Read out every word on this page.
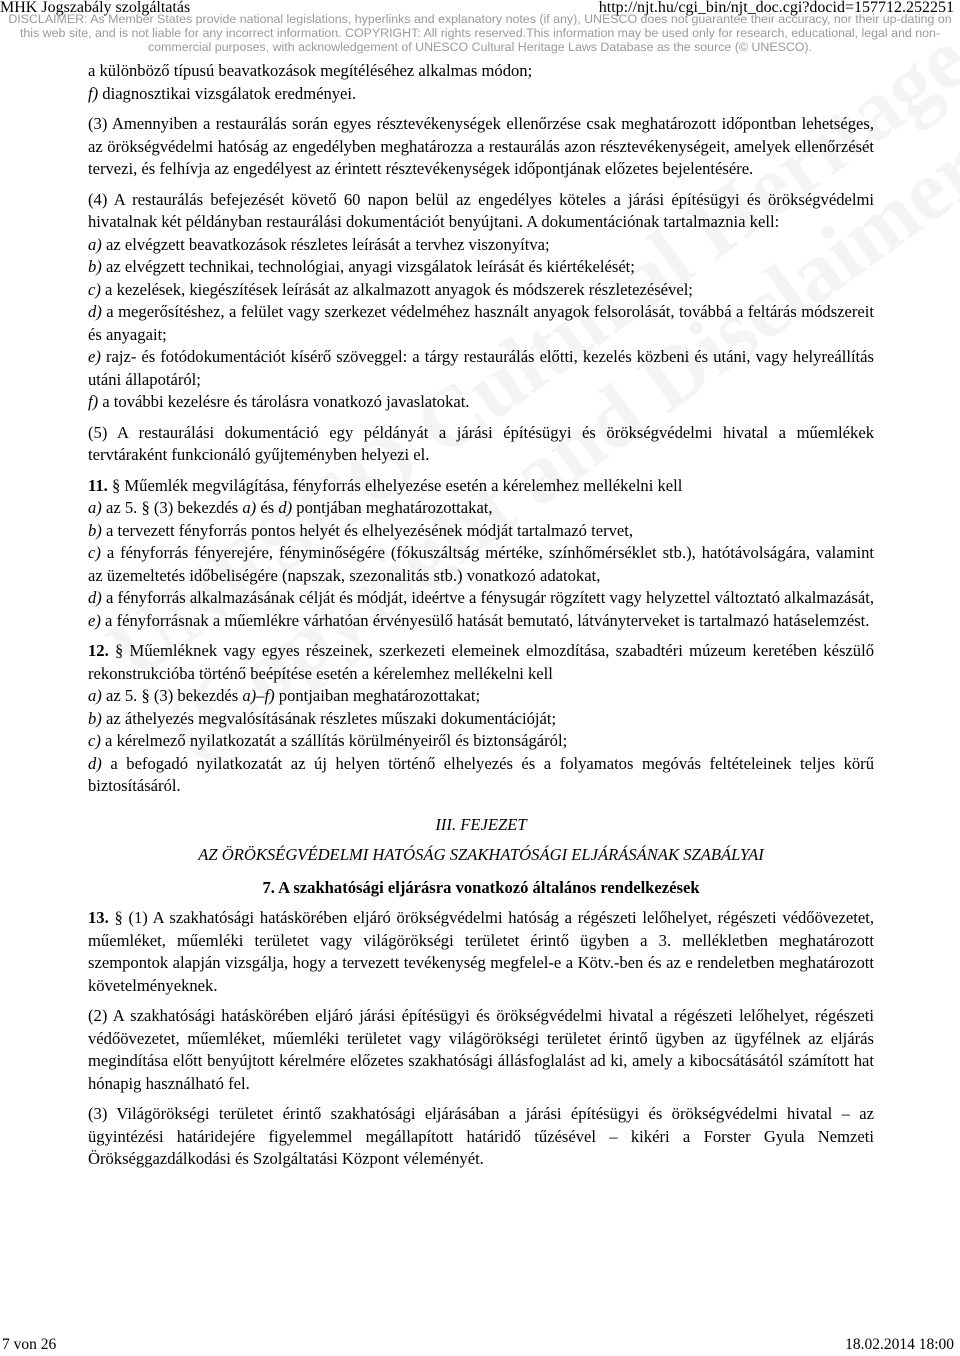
MHK Jogszabály szolgáltatás	http://njt.hu/cgi_bin/njt_doc.cgi?docid=157712.252251
DISCLAIMER: As Member States provide national legislations, hyperlinks and explanatory notes (if any), UNESCO does not guarantee their accuracy, nor their up-dating on this web site, and is not liable for any incorrect information. COPYRIGHT: All rights reserved.This information may be used only for research, educational, legal and non-commercial purposes, with acknowledgement of UNESCO Cultural Heritage Laws Database as the source (© UNESCO).

a különböző típusú beavatkozások megítéléséhez alkalmas módon;

f) diagnosztikai vizsgálatok eredményei.

(3) Amennyiben a restaurálás során egyes résztevékenységek ellenőrzése csak meghatározott időpontban lehetséges, az örökségvédelmi hatóság az engedélyben meghatározza a restaurálás azon résztevékenységeit, amelyek ellenőrzését tervezi, és felhívja az engedélyest az érintett résztevékenységek időpontjának előzetes bejelentésére.

(4) A restaurálás befejezését követő 60 napon belül az engedélyes köteles a járási építésügyi és örökségvédelmi hivatalnak két példányban restaurálási dokumentációt benyújtani. A dokumentációnak tartalmaznia kell:

a) az elvégzett beavatkozások részletes leírását a tervhez viszonyítva;

b) az elvégzett technikai, technológiai, anyagi vizsgálatok leírását és kiértékelését;

c) a kezelések, kiegészítések leírását az alkalmazott anyagok és módszerek részletezésével;

d) a megerősítéshez, a felület vagy szerkezet védelméhez használt anyagok felsorolását, továbbá a feltárás módszereit és anyagait;

e) rajz- és fotódokumentációt kísérő szöveggel: a tárgy restaurálás előtti, kezelés közbeni és utáni, vagy helyreállítás utáni állapotáról;

f) a további kezelésre és tárolásra vonatkozó javaslatokat.

(5) A restaurálási dokumentáció egy példányát a járási építésügyi és örökségvédelmi hivatal a műemlékek tervtáraként funkcionáló gyűjteményben helyezi el.

11. § Műemlék megvilágítása, fényforrás elhelyezése esetén a kérelemhez mellékelni kell

a) az 5. § (3) bekezdés a) és d) pontjában meghatározottakat,

b) a tervezett fényforrás pontos helyét és elhelyezésének módját tartalmazó tervet,

c) a fényforrás fényerejére, fényminőségére (fókuszáltság mértéke, színhőmérséklet stb.), hatótávolságára, valamint az üzemeltetés időbeliségére (napszak, szezonalitás stb.) vonatkozó adatokat,

d) a fényforrás alkalmazásának célját és módját, ideértve a fénysugár rögzített vagy helyzettel változtató alkalmazását,

e) a fényforrásnak a műemlékre várhatóan érvényesülő hatását bemutató, látványterveket is tartalmazó hatáselemzést.

12. § Műemléknek vagy egyes részeinek, szerkezeti elemeinek elmozdítása, szabadtéri múzeum keretében készülő rekonstrukcióba történő beépítése esetén a kérelemhez mellékelni kell

a) az 5. § (3) bekezdés a)–f) pontjaiban meghatározottakat;

b) az áthelyezés megvalósításának részletes műszaki dokumentációját;

c) a kérelmező nyilatkozatát a szállítás körülményeiről és biztonságáról;

d) a befogadó nyilatkozatát az új helyen történő elhelyezés és a folyamatos megóvás feltételeinek teljes körű biztosításáról.

III. FEJEZET

AZ ÖRÖKSÉGVÉDELMI HATÓSÁG SZAKHATÓSÁGI ELJÁRÁSÁNAK SZABÁLYAI

7. A szakhatósági eljárásra vonatkozó általános rendelkezések

13. § (1) A szakhatósági hatáskörében eljáró örökségvédelmi hatóság a régészeti lelőhelyet, régészeti védőövezetet, műemléket, műemléki területet vagy világörökségi területet érintő ügyben a 3. mellékletben meghatározott szempontok alapján vizsgálja, hogy a tervezett tevékenység megfelel-e a Kötv.-ben és az e rendeletben meghatározott követelményeknek.

(2) A szakhatósági hatáskörében eljáró járási építésügyi és örökségvédelmi hivatal a régészeti lelőhelyet, régészeti védőövezetet, műemléket, műemléki területet vagy világörökségi területet érintő ügyben az ügyfélnek az eljárás megindítása előtt benyújtott kérelmére előzetes szakhatósági állásfoglalást ad ki, amely a kibocsátásától számított hat hónapig használható fel.

(3) Világörökségi területet érintő szakhatósági eljárásában a járási építésügyi és örökségvédelmi hivatal – az ügyintézési határidejére figyelemmel megállapított határidő tűzésével – kikéri a Forster Gyula Nemzeti Örökséggazdálkodási és Szolgáltatási Központ véleményét.

7 von 26	18.02.2014 18:00
